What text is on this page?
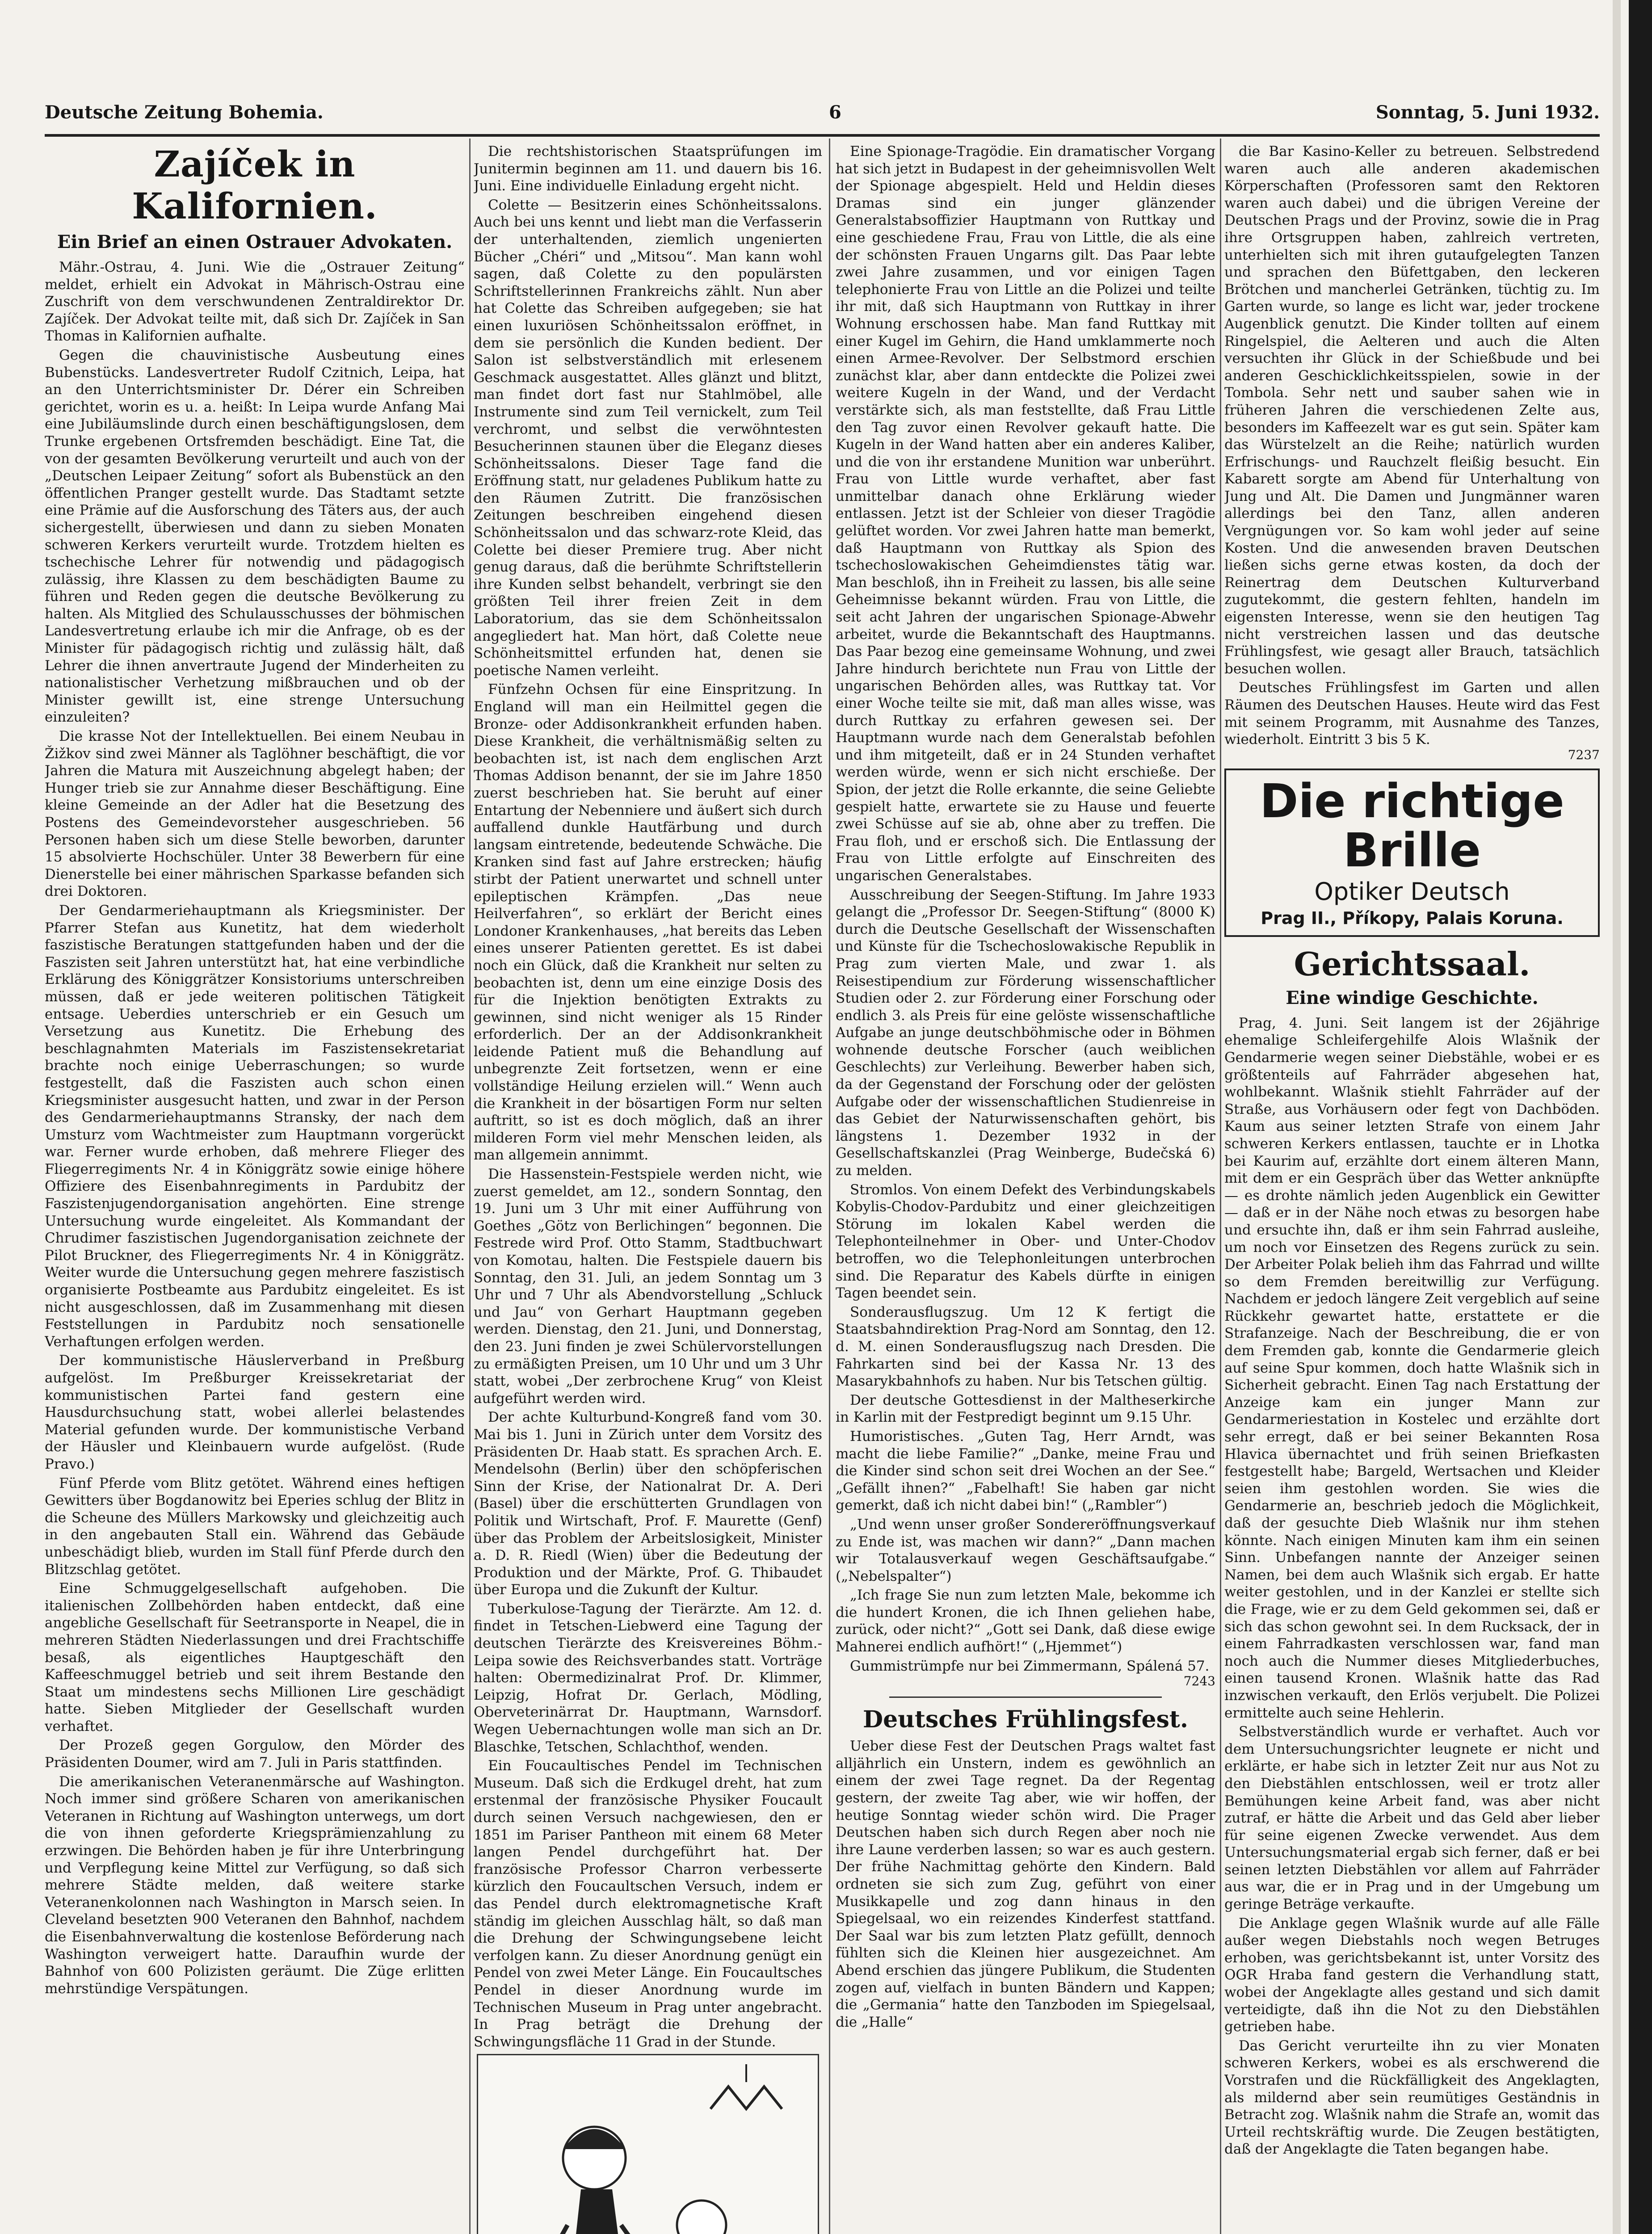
Deutsche Zeitung Bohemia.	6	Sonntag, 5. Juni 1932.
Zajíček in Kalifornien.
Ein Brief an einen Ostrauer Advokaten.

Mähr.-Ostrau, 4. Juni. Wie die „Ostrauer Zeitung“ meldet, erhielt ein Advokat in Mährisch-Ostrau eine Zuschrift von dem verschwundenen Zentraldirektor Dr. Zajíček. Der Advokat teilte mit, daß sich Dr. Zajíček in San Thomas in Kalifornien aufhalte.

Gegen die chauvinistische Ausbeutung eines Bubenstücks. Landesvertreter Rudolf Czitnich, Leipa, hat an den Unterrichtsminister Dr. Dérer ein Schreiben gerichtet, worin es u. a. heißt: In Leipa wurde Anfang Mai eine Jubiläumslinde durch einen beschäftigungslosen, dem Trunke ergebenen Ortsfremden beschädigt. Eine Tat, die von der gesamten Bevölkerung verurteilt und auch von der „Deutschen Leipaer Zeitung“ sofort als Bubenstück an den öffentlichen Pranger gestellt wurde. Das Stadtamt setzte eine Prämie auf die Ausforschung des Täters aus, der auch sichergestellt, überwiesen und dann zu sieben Monaten schweren Kerkers verurteilt wurde. Trotzdem hielten es tschechische Lehrer für notwendig und pädagogisch zulässig, ihre Klassen zu dem beschädigten Baume zu führen und Reden gegen die deutsche Bevölkerung zu halten. Als Mitglied des Schulausschusses der böhmischen Landesvertretung erlaube ich mir die Anfrage, ob es der Minister für pädagogisch richtig und zulässig hält, daß Lehrer die ihnen anvertraute Jugend der Minderheiten zu nationalistischer Verhetzung mißbrauchen und ob der Minister gewillt ist, eine strenge Untersuchung einzuleiten?

Die krasse Not der Intellektuellen. Bei einem Neubau in Žižkov sind zwei Männer als Taglöhner beschäftigt, die vor Jahren die Matura mit Auszeichnung abgelegt haben; der Hunger trieb sie zur Annahme dieser Beschäftigung. Eine kleine Gemeinde an der Adler hat die Besetzung des Postens des Gemeindevorsteher ausgeschrieben. 56 Personen haben sich um diese Stelle beworben, darunter 15 absolvierte Hochschüler. Unter 38 Bewerbern für eine Dienerstelle bei einer mährischen Sparkasse befanden sich drei Doktoren.

Der Gendarmeriehauptmann als Kriegsminister. Der Pfarrer Stefan aus Kunetitz, hat dem wiederholt faszistische Beratungen stattgefunden haben und der die Faszisten seit Jahren unterstützt hat, hat eine verbindliche Erklärung des Königgrätzer Konsistoriums unterschreiben müssen, daß er jede weiteren politischen Tätigkeit entsage. Ueberdies unterschrieb er ein Gesuch um Versetzung aus Kunetitz. Die Erhebung des beschlagnahmten Materials im Faszistensekretariat brachte noch einige Ueberraschungen; so wurde festgestellt, daß die Faszisten auch schon einen Kriegsminister ausgesucht hatten, und zwar in der Person des Gendarmeriehauptmanns Stransky, der nach dem Umsturz vom Wachtmeister zum Hauptmann vorgerückt war. Ferner wurde erhoben, daß mehrere Flieger des Fliegerregiments Nr. 4 in Königgrätz sowie einige höhere Offiziere des Eisenbahnregiments in Pardubitz der Faszistenjugendorganisation angehörten. Eine strenge Untersuchung wurde eingeleitet. Als Kommandant der Chrudimer faszistischen Jugendorganisation zeichnete der Pilot Bruckner, des Fliegerregiments Nr. 4 in Königgrätz. Weiter wurde die Untersuchung gegen mehrere faszistisch organisierte Postbeamte aus Pardubitz eingeleitet. Es ist nicht ausgeschlossen, daß im Zusammenhang mit diesen Feststellungen in Pardubitz noch sensationelle Verhaftungen erfolgen werden.

Der kommunistische Häuslerverband in Preßburg aufgelöst. Im Preßburger Kreissekretariat der kommunistischen Partei fand gestern eine Hausdurchsuchung statt, wobei allerlei belastendes Material gefunden wurde. Der kommunistische Verband der Häusler und Kleinbauern wurde aufgelöst. (Rude Pravo.)

Fünf Pferde vom Blitz getötet. Während eines heftigen Gewitters über Bogdanowitz bei Eperies schlug der Blitz in die Scheune des Müllers Markowsky und gleichzeitig auch in den angebauten Stall ein. Während das Gebäude unbeschädigt blieb, wurden im Stall fünf Pferde durch den Blitzschlag getötet.

Eine Schmuggelgesellschaft aufgehoben. Die italienischen Zollbehörden haben entdeckt, daß eine angebliche Gesellschaft für Seetransporte in Neapel, die in mehreren Städten Niederlassungen und drei Frachtschiffe besaß, als eigentliches Hauptgeschäft den Kaffeeschmuggel betrieb und seit ihrem Bestande den Staat um mindestens sechs Millionen Lire geschädigt hatte. Sieben Mitglieder der Gesellschaft wurden verhaftet.

Der Prozeß gegen Gorgulow, den Mörder des Präsidenten Doumer, wird am 7. Juli in Paris stattfinden.

Die amerikanischen Veteranenmärsche auf Washington. Noch immer sind größere Scharen von amerikanischen Veteranen in Richtung auf Washington unterwegs, um dort die von ihnen geforderte Kriegsprämienzahlung zu erzwingen. Die Behörden haben je für ihre Unterbringung und Verpflegung keine Mittel zur Verfügung, so daß sich mehrere Städte melden, daß weitere starke Veteranenkolonnen nach Washington in Marsch seien. In Cleveland besetzten 900 Veteranen den Bahnhof, nachdem die Eisenbahnverwaltung die kostenlose Beförderung nach Washington verweigert hatte. Daraufhin wurde der Bahnhof von 600 Polizisten geräumt. Die Züge erlitten mehrstündige Verspätungen.

Die rechtshistorischen Staatsprüfungen im Junitermin beginnen am 11. und dauern bis 16. Juni. Eine individuelle Einladung ergeht nicht.

Colette — Besitzerin eines Schönheitssalons. Auch bei uns kennt und liebt man die Verfasserin der unterhaltenden, ziemlich ungenierten Bücher „Chéri“ und „Mitsou“. Man kann wohl sagen, daß Colette zu den populärsten Schriftstellerinnen Frankreichs zählt. Nun aber hat Colette das Schreiben aufgegeben; sie hat einen luxuriösen Schönheitssalon eröffnet, in dem sie persönlich die Kunden bedient. Der Salon ist selbstverständlich mit erlesenem Geschmack ausgestattet. Alles glänzt und blitzt, man findet dort fast nur Stahlmöbel, alle Instrumente sind zum Teil vernickelt, zum Teil verchromt, und selbst die verwöhntesten Besucherinnen staunen über die Eleganz dieses Schönheitssalons. Dieser Tage fand die Eröffnung statt, nur geladenes Publikum hatte zu den Räumen Zutritt. Die französischen Zeitungen beschreiben eingehend diesen Schönheitssalon und das schwarz-rote Kleid, das Colette bei dieser Premiere trug. Aber nicht genug daraus, daß die berühmte Schriftstellerin ihre Kunden selbst behandelt, verbringt sie den größten Teil ihrer freien Zeit in dem Laboratorium, das sie dem Schönheitssalon angegliedert hat. Man hört, daß Colette neue Schönheitsmittel erfunden hat, denen sie poetische Namen verleiht.

Fünfzehn Ochsen für eine Einspritzung. In England will man ein Heilmittel gegen die Bronze- oder Addisonkrankheit erfunden haben. Diese Krankheit, die verhältnismäßig selten zu beobachten ist, ist nach dem englischen Arzt Thomas Addison benannt, der sie im Jahre 1850 zuerst beschrieben hat. Sie beruht auf einer Entartung der Nebenniere und äußert sich durch auffallend dunkle Hautfärbung und durch langsam eintretende, bedeutende Schwäche. Die Kranken sind fast auf Jahre erstrecken; häufig stirbt der Patient unerwartet und schnell unter epileptischen Krämpfen. „Das neue Heilverfahren“, so erklärt der Bericht eines Londoner Krankenhauses, „hat bereits das Leben eines unserer Patienten gerettet. Es ist dabei noch ein Glück, daß die Krankheit nur selten zu beobachten ist, denn um eine einzige Dosis des für die Injektion benötigten Extrakts zu gewinnen, sind nicht weniger als 15 Rinder erforderlich. Der an der Addisonkrankheit leidende Patient muß die Behandlung auf unbegrenzte Zeit fortsetzen, wenn er eine vollständige Heilung erzielen will.“ Wenn auch die Krankheit in der bösartigen Form nur selten auftritt, so ist es doch möglich, daß an ihrer milderen Form viel mehr Menschen leiden, als man allgemein annimmt.

Die Hassenstein-Festspiele werden nicht, wie zuerst gemeldet, am 12., sondern Sonntag, den 19. Juni um 3 Uhr mit einer Aufführung von Goethes „Götz von Berlichingen“ begonnen. Die Festrede wird Prof. Otto Stamm, Stadtbuchwart von Komotau, halten. Die Festspiele dauern bis Sonntag, den 31. Juli, an jedem Sonntag um 3 Uhr und 7 Uhr als Abendvorstellung „Schluck und Jau“ von Gerhart Hauptmann gegeben werden. Dienstag, den 21. Juni, und Donnerstag, den 23. Juni finden je zwei Schülervorstellungen zu ermäßigten Preisen, um 10 Uhr und um 3 Uhr statt, wobei „Der zerbrochene Krug“ von Kleist aufgeführt werden wird.

Der achte Kulturbund-Kongreß fand vom 30. Mai bis 1. Juni in Zürich unter dem Vorsitz des Präsidenten Dr. Haab statt. Es sprachen Arch. E. Mendelsohn (Berlin) über den schöpferischen Sinn der Krise, der Nationalrat Dr. A. Deri (Basel) über die erschütterten Grundlagen von Politik und Wirtschaft, Prof. F. Maurette (Genf) über das Problem der Arbeitslosigkeit, Minister a. D. R. Riedl (Wien) über die Bedeutung der Produktion und der Märkte, Prof. G. Thibaudet über Europa und die Zukunft der Kultur.

Tuberkulose-Tagung der Tierärzte. Am 12. d. findet in Tetschen-Liebwerd eine Tagung der deutschen Tierärzte des Kreisvereines Böhm.-Leipa sowie des Reichsverbandes statt. Vorträge halten: Obermedizinalrat Prof. Dr. Klimmer, Leipzig, Hofrat Dr. Gerlach, Mödling, Oberveterinärrat Dr. Hauptmann, Warnsdorf. Wegen Uebernachtungen wolle man sich an Dr. Blaschke, Tetschen, Schlachthof, wenden.

Ein Foucaultisches Pendel im Technischen Museum. Daß sich die Erdkugel dreht, hat zum erstenmal der französische Physiker Foucault durch seinen Versuch nachgewiesen, den er 1851 im Pariser Pantheon mit einem 68 Meter langen Pendel durchgeführt hat. Der französische Professor Charron verbesserte kürzlich den Foucaultschen Versuch, indem er das Pendel durch elektromagnetische Kraft ständig im gleichen Ausschlag hält, so daß man die Drehung der Schwingungsebene leicht verfolgen kann. Zu dieser Anordnung genügt ein Pendel von zwei Meter Länge. Ein Foucaultsches Pendel in dieser Anordnung wurde im Technischen Museum in Prag unter angebracht. In Prag beträgt die Drehung der Schwingungsfläche 11 Grad in der Stunde.

Eine Spionage-Tragödie. Ein dramatischer Vorgang hat sich jetzt in Budapest in der geheimnisvollen Welt der Spionage abgespielt. Held und Heldin dieses Dramas sind ein junger glänzender Generalstabsoffizier Hauptmann von Ruttkay und eine geschiedene Frau, Frau von Little, die als eine der schönsten Frauen Ungarns gilt. Das Paar lebte zwei Jahre zusammen, und vor einigen Tagen telephonierte Frau von Little an die Polizei und teilte ihr mit, daß sich Hauptmann von Ruttkay in ihrer Wohnung erschossen habe. Man fand Ruttkay mit einer Kugel im Gehirn, die Hand umklammerte noch einen Armee-Revolver. Der Selbstmord erschien zunächst klar, aber dann entdeckte die Polizei zwei weitere Kugeln in der Wand, und der Verdacht verstärkte sich, als man feststellte, daß Frau Little den Tag zuvor einen Revolver gekauft hatte. Die Kugeln in der Wand hatten aber ein anderes Kaliber, und die von ihr erstandene Munition war unberührt. Frau von Little wurde verhaftet, aber fast unmittelbar danach ohne Erklärung wieder entlassen. Jetzt ist der Schleier von dieser Tragödie gelüftet worden. Vor zwei Jahren hatte man bemerkt, daß Hauptmann von Ruttkay als Spion des tschechoslowakischen Geheimdienstes tätig war. Man beschloß, ihn in Freiheit zu lassen, bis alle seine Geheimnisse bekannt würden. Frau von Little, die seit acht Jahren der ungarischen Spionage-Abwehr arbeitet, wurde die Bekanntschaft des Hauptmanns. Das Paar bezog eine gemeinsame Wohnung, und zwei Jahre hindurch berichtete nun Frau von Little der ungarischen Behörden alles, was Ruttkay tat. Vor einer Woche teilte sie mit, daß man alles wisse, was durch Ruttkay zu erfahren gewesen sei. Der Hauptmann wurde nach dem Generalstab befohlen und ihm mitgeteilt, daß er in 24 Stunden verhaftet werden würde, wenn er sich nicht erschieße. Der Spion, der jetzt die Rolle erkannte, die seine Geliebte gespielt hatte, erwartete sie zu Hause und feuerte zwei Schüsse auf sie ab, ohne aber zu treffen. Die Frau floh, und er erschoß sich. Die Entlassung der Frau von Little erfolgte auf Einschreiten des ungarischen Generalstabes.

Ausschreibung der Seegen-Stiftung. Im Jahre 1933 gelangt die „Professor Dr. Seegen-Stiftung“ (8000 K) durch die Deutsche Gesellschaft der Wissenschaften und Künste für die Tschechoslowakische Republik in Prag zum vierten Male, und zwar 1. als Reisestipendium zur Förderung wissenschaftlicher Studien oder 2. zur Förderung einer Forschung oder endlich 3. als Preis für eine gelöste wissenschaftliche Aufgabe an junge deutschböhmische oder in Böhmen wohnende deutsche Forscher (auch weiblichen Geschlechts) zur Verleihung. Bewerber haben sich, da der Gegenstand der Forschung oder der gelösten Aufgabe oder der wissenschaftlichen Studienreise in das Gebiet der Naturwissenschaften gehört, bis längstens 1. Dezember 1932 in der Gesellschaftskanzlei (Prag Weinberge, Budečská 6) zu melden.

Stromlos. Von einem Defekt des Verbindungskabels Kobylis-Chodov-Pardubitz und einer gleichzeitigen Störung im lokalen Kabel werden die Telephonteilnehmer in Ober- und Unter-Chodov betroffen, wo die Telephonleitungen unterbrochen sind. Die Reparatur des Kabels dürfte in einigen Tagen beendet sein.

Sonderausflugszug. Um 12 K fertigt die Staatsbahndirektion Prag-Nord am Sonntag, den 12. d. M. einen Sonderausflugszug nach Dresden. Die Fahrkarten sind bei der Kassa Nr. 13 des Masarykbahnhofs zu haben. Nur bis Tetschen gültig.

Der deutsche Gottesdienst in der Maltheserkirche in Karlin mit der Festpredigt beginnt um 9.15 Uhr.

Humoristisches. „Guten Tag, Herr Arndt, was macht die liebe Familie?“ „Danke, meine Frau und die Kinder sind schon seit drei Wochen an der See.“ „Gefällt ihnen?“ „Fabelhaft! Sie haben gar nicht gemerkt, daß ich nicht dabei bin!“ („Rambler“)

„Und wenn unser großer Sondereröffnungsverkauf zu Ende ist, was machen wir dann?“ „Dann machen wir Totalausverkauf wegen Geschäftsaufgabe.“ („Nebelspalter“)

„Ich frage Sie nun zum letzten Male, bekomme ich die hundert Kronen, die ich Ihnen geliehen habe, zurück, oder nicht?“ „Gott sei Dank, daß diese ewige Mahnerei endlich aufhört!“ („Hjemmet“)

Gummistrümpfe nur bei Zimmermann, Spálená 57.

7243
Deutsches Frühlingsfest.

Ueber diese Fest der Deutschen Prags waltet fast alljährlich ein Unstern, indem es gewöhnlich an einem der zwei Tage regnet. Da der Regentag gestern, der zweite Tag aber, wie wir hoffen, der heutige Sonntag wieder schön wird. Die Prager Deutschen haben sich durch Regen aber noch nie ihre Laune verderben lassen; so war es auch gestern. Der frühe Nachmittag gehörte den Kindern. Bald ordneten sie sich zum Zug, geführt von einer Musikkapelle und zog dann hinaus in den Spiegelsaal, wo ein reizendes Kinderfest stattfand. Der Saal war bis zum letzten Platz gefüllt, dennoch fühlten sich die Kleinen hier ausgezeichnet. Am Abend erschien das jüngere Publikum, die Studenten zogen auf, vielfach in bunten Bändern und Kappen; die „Germania“ hatte den Tanzboden im Spiegelsaal, die „Halle“

die Bar Kasino-Keller zu betreuen. Selbstredend waren auch alle anderen akademischen Körperschaften (Professoren samt den Rektoren waren auch dabei) und die übrigen Vereine der Deutschen Prags und der Provinz, sowie die in Prag ihre Ortsgruppen haben, zahlreich vertreten, unterhielten sich mit ihren gutaufgelegten Tanzen und sprachen den Büfettgaben, den leckeren Brötchen und mancherlei Getränken, tüchtig zu. Im Garten wurde, so lange es licht war, jeder trockene Augenblick genutzt. Die Kinder tollten auf einem Ringelspiel, die Aelteren und auch die Alten versuchten ihr Glück in der Schießbude und bei anderen Geschicklichkeitsspielen, sowie in der Tombola. Sehr nett und sauber sahen wie in früheren Jahren die verschiedenen Zelte aus, besonders im Kaffeezelt war es gut sein. Später kam das Würstelzelt an die Reihe; natürlich wurden Erfrischungs- und Rauchzelt fleißig besucht. Ein Kabarett sorgte am Abend für Unterhaltung von Jung und Alt. Die Damen und Jungmänner waren allerdings bei den Tanz, allen anderen Vergnügungen vor. So kam wohl jeder auf seine Kosten. Und die anwesenden braven Deutschen ließen sichs gerne etwas kosten, da doch der Reinertrag dem Deutschen Kulturverband zugutekommt, die gestern fehlten, handeln im eigensten Interesse, wenn sie den heutigen Tag nicht verstreichen lassen und das deutsche Frühlingsfest, wie gesagt aller Brauch, tatsächlich besuchen wollen.

Deutsches Frühlingsfest im Garten und allen Räumen des Deutschen Hauses. Heute wird das Fest mit seinem Programm, mit Ausnahme des Tanzes, wiederholt. Eintritt 3 bis 5 K.

7237
Die richtige Brille
Optiker Deutsch
Prag II., Příkopy, Palais Koruna.
Gerichtssaal.
Eine windige Geschichte.

Prag, 4. Juni. Seit langem ist der 26jährige ehemalige Schleifergehilfe Alois Wlašnik der Gendarmerie wegen seiner Diebstähle, wobei er es größtenteils auf Fahrräder abgesehen hat, wohlbekannt. Wlašnik stiehlt Fahrräder auf der Straße, aus Vorhäusern oder fegt von Dachböden. Kaum aus seiner letzten Strafe von einem Jahr schweren Kerkers entlassen, tauchte er in Lhotka bei Kaurim auf, erzählte dort einem älteren Mann, mit dem er ein Gespräch über das Wetter anknüpfte — es drohte nämlich jeden Augenblick ein Gewitter — daß er in der Nähe noch etwas zu besorgen habe und ersuchte ihn, daß er ihm sein Fahrrad ausleihe, um noch vor Einsetzen des Regens zurück zu sein. Der Arbeiter Polak belieh ihm das Fahrrad und willte so dem Fremden bereitwillig zur Verfügung. Nachdem er jedoch längere Zeit vergeblich auf seine Rückkehr gewartet hatte, erstattete er die Strafanzeige. Nach der Beschreibung, die er von dem Fremden gab, konnte die Gendarmerie gleich auf seine Spur kommen, doch hatte Wlašnik sich in Sicherheit gebracht. Einen Tag nach Erstattung der Anzeige kam ein junger Mann zur Gendarmeriestation in Kostelec und erzählte dort sehr erregt, daß er bei seiner Bekannten Rosa Hlavica übernachtet und früh seinen Briefkasten festgestellt habe; Bargeld, Wertsachen und Kleider seien ihm gestohlen worden. Sie wies die Gendarmerie an, beschrieb jedoch die Möglichkeit, daß der gesuchte Dieb Wlašnik nur ihm stehen könnte. Nach einigen Minuten kam ihm ein seinen Sinn. Unbefangen nannte der Anzeiger seinen Namen, bei dem auch Wlašnik sich ergab. Er hatte weiter gestohlen, und in der Kanzlei er stellte sich die Frage, wie er zu dem Geld gekommen sei, daß er sich das schon gewohnt sei. In dem Rucksack, der in einem Fahrradkasten verschlossen war, fand man noch auch die Nummer dieses Mitgliederbuches, einen tausend Kronen. Wlašnik hatte das Rad inzwischen verkauft, den Erlös verjubelt. Die Polizei ermittelte auch seine Hehlerin.

Selbstverständlich wurde er verhaftet. Auch vor dem Untersuchungsrichter leugnete er nicht und erklärte, er habe sich in letzter Zeit nur aus Not zu den Diebstählen entschlossen, weil er trotz aller Bemühungen keine Arbeit fand, was aber nicht zutraf, er hätte die Arbeit und das Geld aber lieber für seine eigenen Zwecke verwendet. Aus dem Untersuchungsmaterial ergab sich ferner, daß er bei seinen letzten Diebstählen vor allem auf Fahrräder aus war, die er in Prag und in der Umgebung um geringe Beträge verkaufte.

Die Anklage gegen Wlašnik wurde auf alle Fälle außer wegen Diebstahls noch wegen Betruges erhoben, was gerichtsbekannt ist, unter Vorsitz des OGR Hraba fand gestern die Verhandlung statt, wobei der Angeklagte alles gestand und sich damit verteidigte, daß ihn die Not zu den Diebstählen getrieben habe.

Das Gericht verurteilte ihn zu vier Monaten schweren Kerkers, wobei es als erschwerend die Vorstrafen und die Rückfälligkeit des Angeklagten, als mildernd aber sein reumütiges Geständnis in Betracht zog. Wlašnik nahm die Strafe an, womit das Urteil rechtskräftig wurde. Die Zeugen bestätigten, daß der Angeklagte die Taten begangen habe.
